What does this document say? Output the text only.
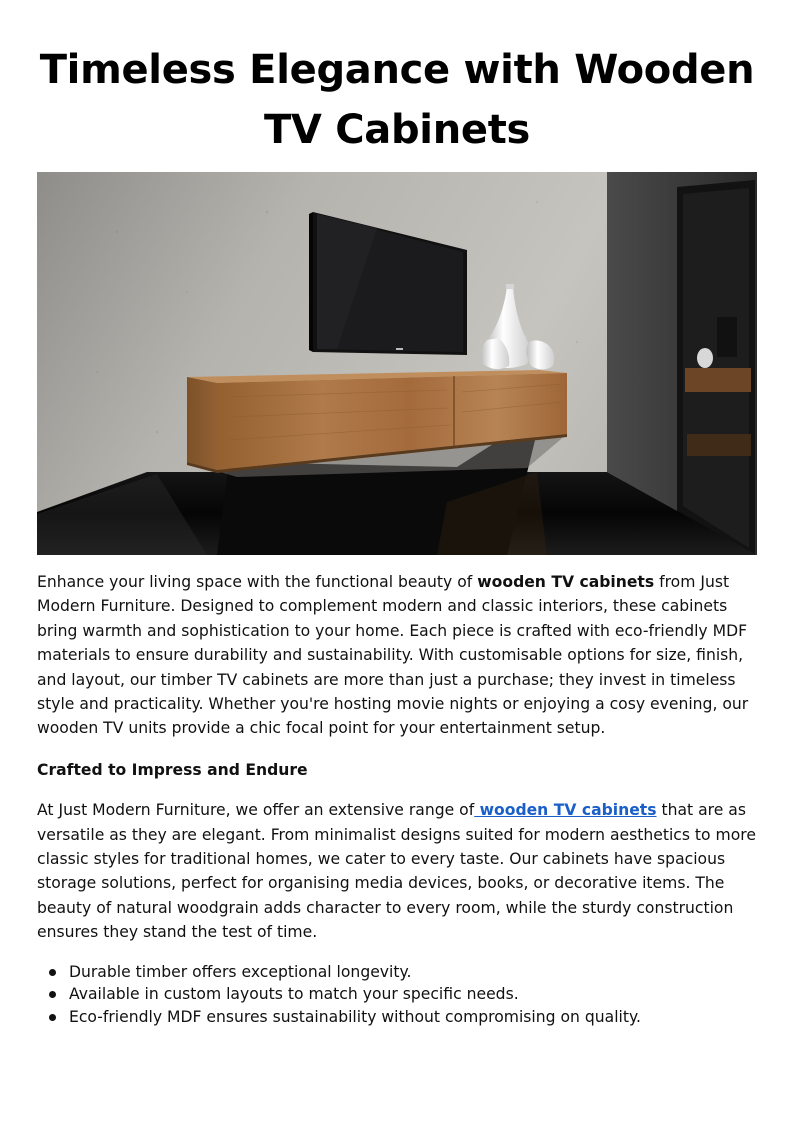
Timeless Elegance with Wooden TV Cabinets

Enhance your living space with the functional beauty of wooden TV cabinets from Just Modern Furniture. Designed to complement modern and classic interiors, these cabinets bring warmth and sophistication to your home. Each piece is crafted with eco-friendly MDF materials to ensure durability and sustainability. With customisable options for size, finish, and layout, our timber TV cabinets are more than just a purchase; they invest in timeless style and practicality. Whether you're hosting movie nights or enjoying a cosy evening, our wooden TV units provide a chic focal point for your entertainment setup.

Crafted to Impress and Endure

At Just Modern Furniture, we offer an extensive range of wooden TV cabinets that are as versatile as they are elegant. From minimalist designs suited for modern aesthetics to more classic styles for traditional homes, we cater to every taste. Our cabinets have spacious storage solutions, perfect for organising media devices, books, or decorative items. The beauty of natural woodgrain adds character to every room, while the sturdy construction ensures they stand the test of time.

Durable timber offers exceptional longevity.
Available in custom layouts to match your specific needs.
Eco-friendly MDF ensures sustainability without compromising on quality.
